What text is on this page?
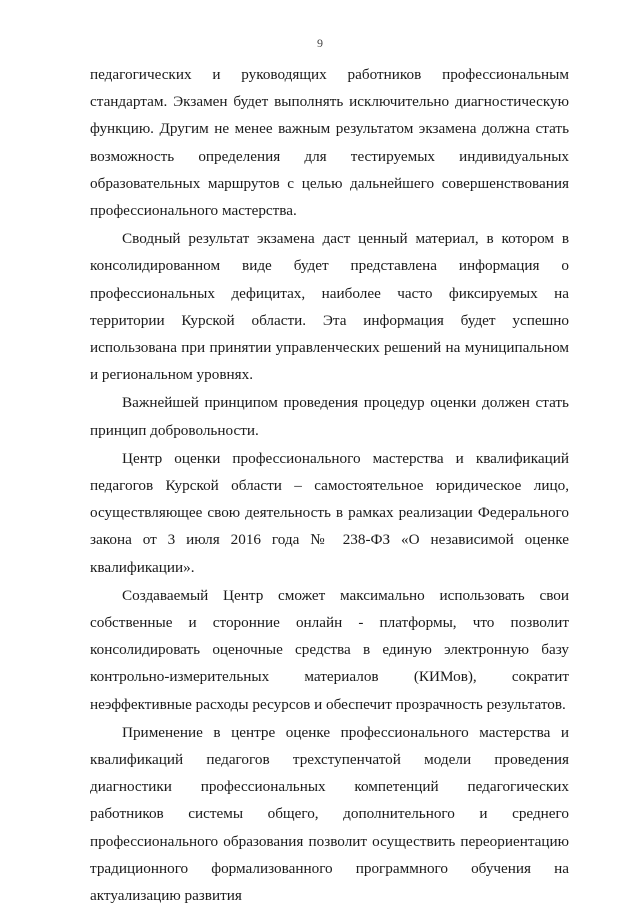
9

педагогических и руководящих работников профессиональным стандартам. Экзамен будет выполнять исключительно диагностическую функцию. Другим не менее важным результатом экзамена должна стать возможность определения для тестируемых индивидуальных образовательных маршрутов с целью дальнейшего совершенствования профессионального мастерства.

Сводный результат экзамена даст ценный материал, в котором в консолидированном виде будет представлена информация о профессиональных дефицитах, наиболее часто фиксируемых на территории Курской области. Эта информация будет успешно использована при принятии управленческих решений на муниципальном и региональном уровнях.

Важнейшей принципом проведения процедур оценки должен стать принцип добровольности.

Центр оценки профессионального мастерства и квалификаций педагогов Курской области – самостоятельное юридическое лицо, осуществляющее свою деятельность в рамках реализации Федерального закона от 3 июля 2016 года № 238-ФЗ «О независимой оценке квалификации».

Создаваемый Центр сможет максимально использовать свои собственные и сторонние онлайн - платформы, что позволит консолидировать оценочные средства в единую электронную базу контрольно-измерительных материалов (КИМов), сократит неэффективные расходы ресурсов и обеспечит прозрачность результатов.

Применение в центре оценке профессионального мастерства и квалификаций педагогов трехступенчатой модели проведения диагностики профессиональных компетенций педагогических работников системы общего, дополнительного и среднего профессионального образования позволит осуществить переориентацию традиционного формализованного программного обучения на актуализацию развития
